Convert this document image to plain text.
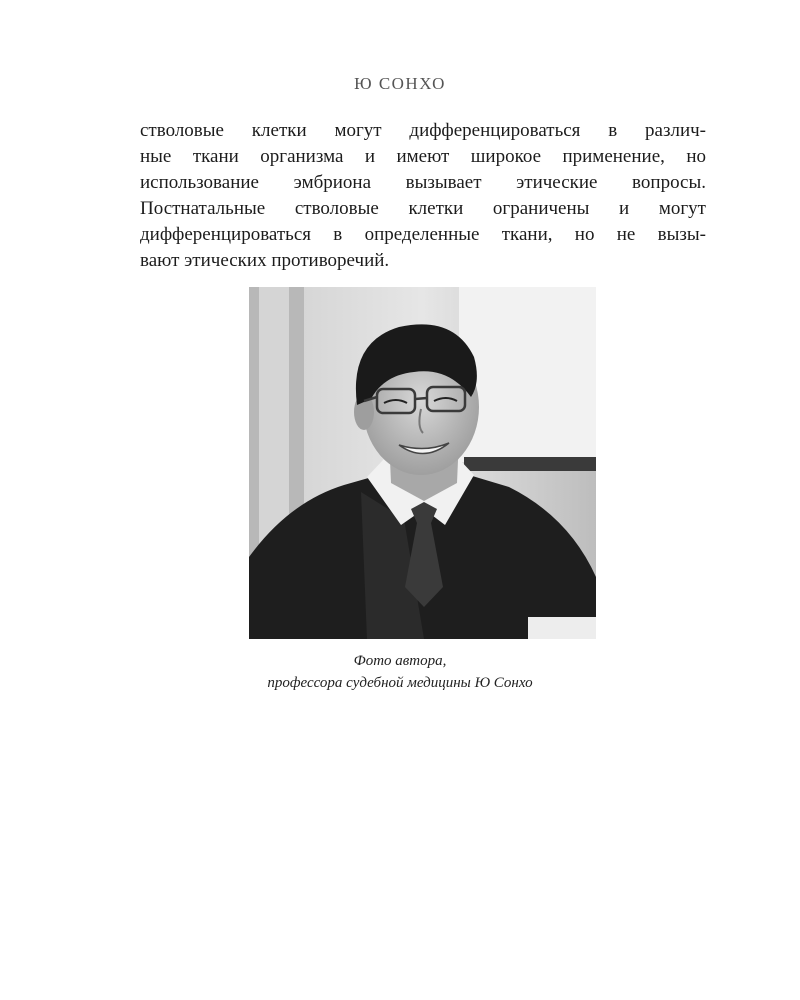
Ю СОНХО
стволовые клетки могут дифференцироваться в различ-
ные ткани организма и имеют широкое применение, но
использование эмбриона вызывает этические вопросы.
Постнатальные стволовые клетки ограничены и могут
дифференцироваться в определенные ткани, но не вызы-
вают этических противоречий.
Фото автора,
профессора судебной медицины Ю Сонхо
